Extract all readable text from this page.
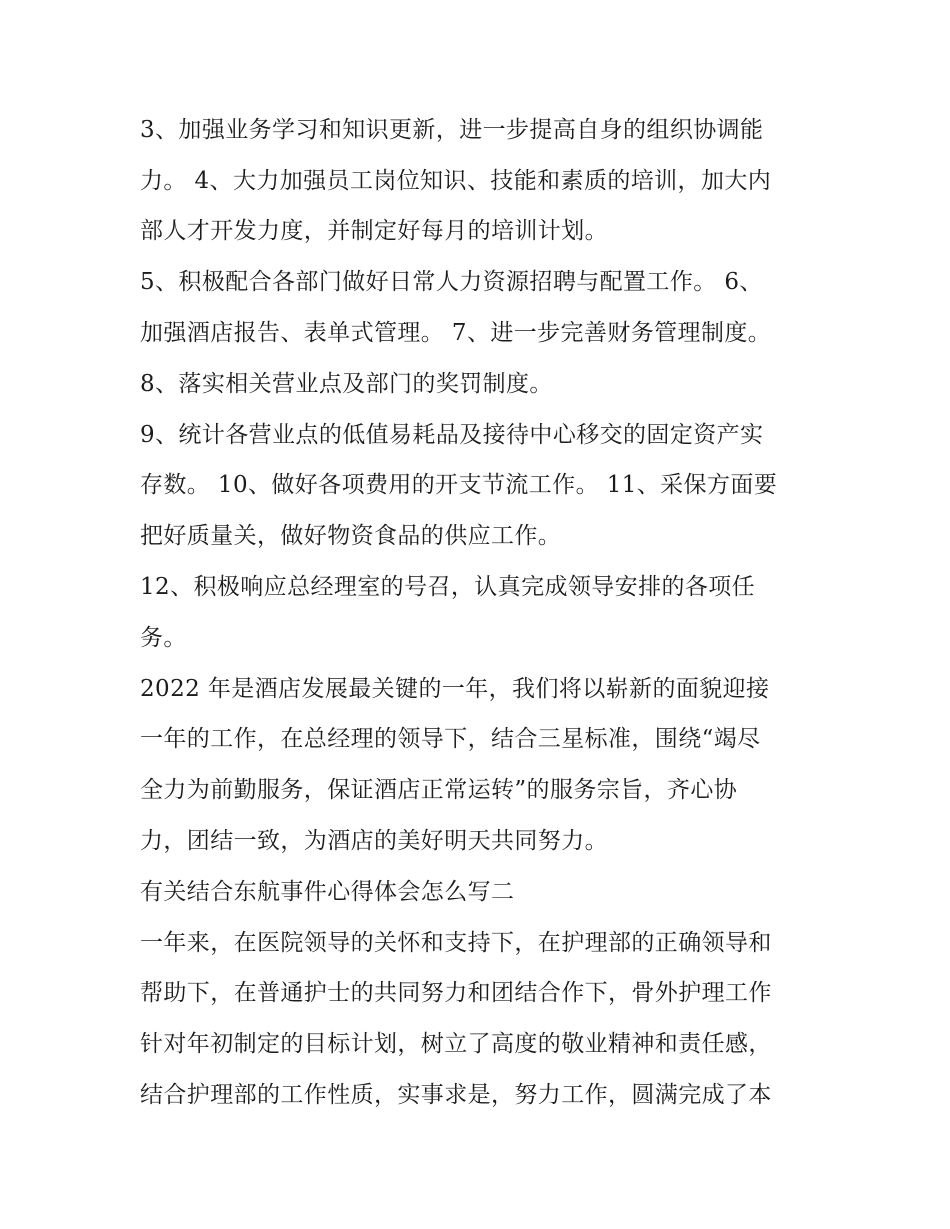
3、加强业务学习和知识更新，进一步提高自身的组织协调能
力。 4、大力加强员工岗位知识、技能和素质的培训，加大内
部人才开发力度，并制定好每月的培训计划。
5、积极配合各部门做好日常人力资源招聘与配置工作。 6、
加强酒店报告、表单式管理。 7、进一步完善财务管理制度。
8、落实相关营业点及部门的奖罚制度。
9、统计各营业点的低值易耗品及接待中心移交的固定资产实
存数。 10、做好各项费用的开支节流工作。 11、采保方面要
把好质量关，做好物资食品的供应工作。
12、积极响应总经理室的号召，认真完成领导安排的各项任
务。
2022 年是酒店发展最关键的一年，我们将以崭新的面貌迎接
一年的工作，在总经理的领导下，结合三星标准，围绕“竭尽
全力为前勤服务，保证酒店正常运转”的服务宗旨，齐心协
力，团结一致，为酒店的美好明天共同努力。
有关结合东航事件心得体会怎么写二
一年来，在医院领导的关怀和支持下，在护理部的正确领导和
帮助下，在普通护士的共同努力和团结合作下，骨外护理工作
针对年初制定的目标计划，树立了高度的敬业精神和责任感，
结合护理部的工作性质，实事求是，努力工作，圆满完成了本
